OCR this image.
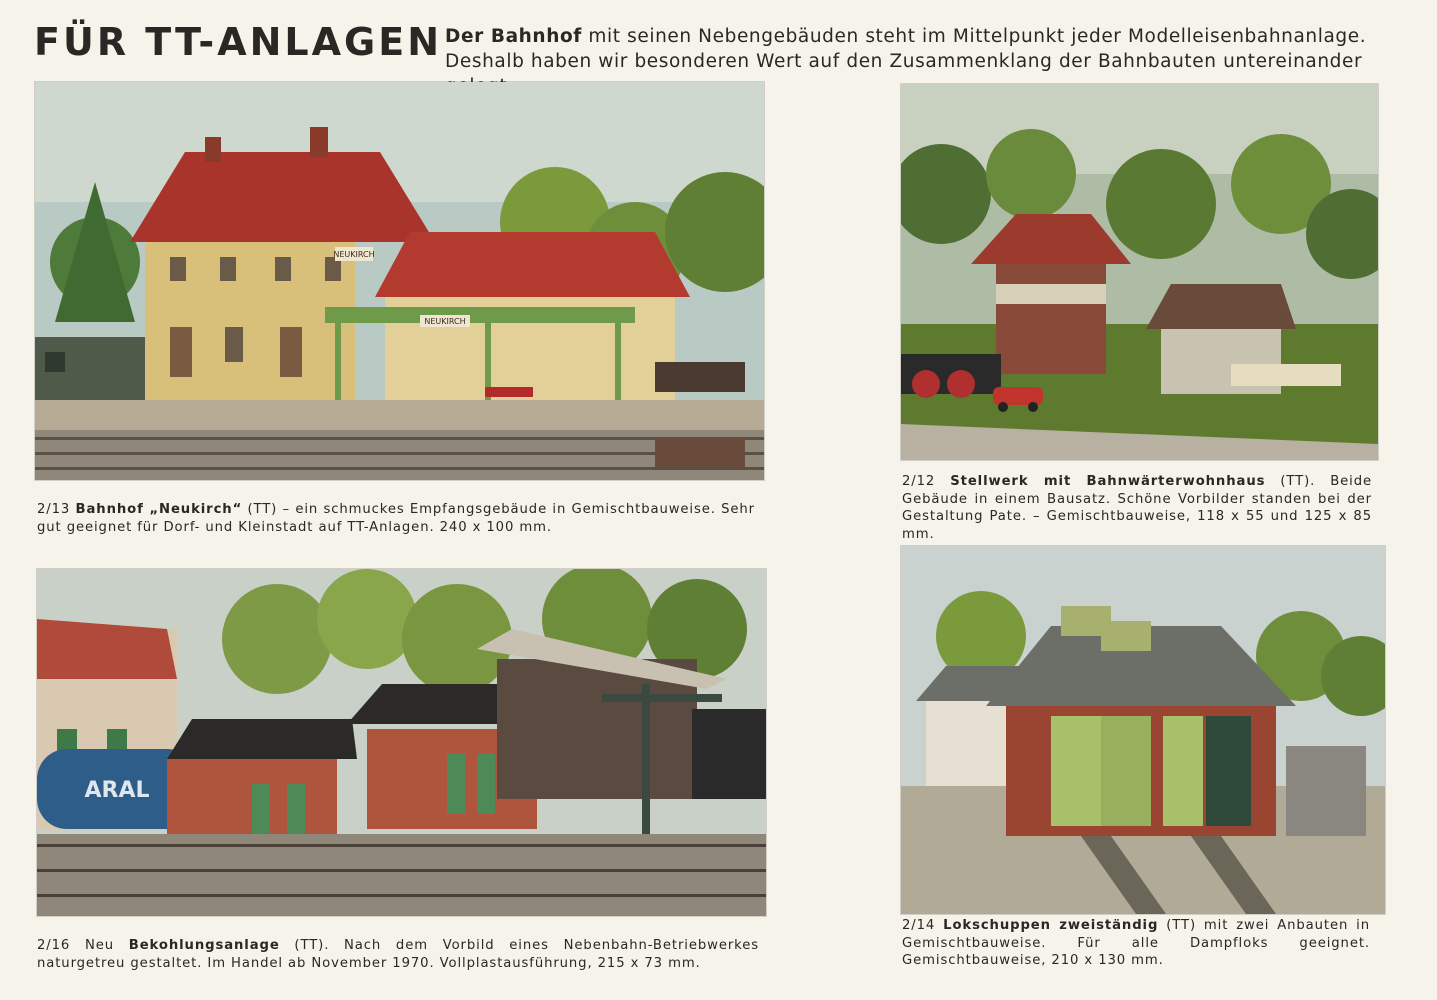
FÜR TT-ANLAGEN Der Bahnhof mit seinen Nebengebäuden steht im Mittelpunkt jeder Modelleisenbahnanlage. Deshalb haben wir besonderen Wert auf den Zusammenklang der Bahnbauten untereinander
NEUKIRCH
NEUKIRCH
2/13 Bahnhof „Neukirch“ (TT) – ein schmuckes Empfangsgebäude in Gemischtbauweise. Sehr gut geeignet für Dorf- und Kleinstadt auf TT-Anlagen. 240 x 100 mm.
2/12 Stellwerk mit Bahnwärterwohnhaus (TT). Beide Gebäude in einem Bausatz. Schöne Vorbilder standen bei der Gestaltung Pate. – Gemischtbauweise, 118 x 55 und 125 x 85 mm.
ARAL
2/16 Neu Bekohlungsanlage (TT). Nach dem Vorbild eines Nebenbahn-Betriebwerkes naturgetreu gestaltet. Im Handel ab November 1970. Vollplastausführung, 215 x 73 mm.
2/14 Lokschuppen zweiständig (TT) mit zwei Anbauten in Gemischtbauweise. Für alle Dampfloks geeignet. Gemischtbauweise, 210 x 130 mm.
